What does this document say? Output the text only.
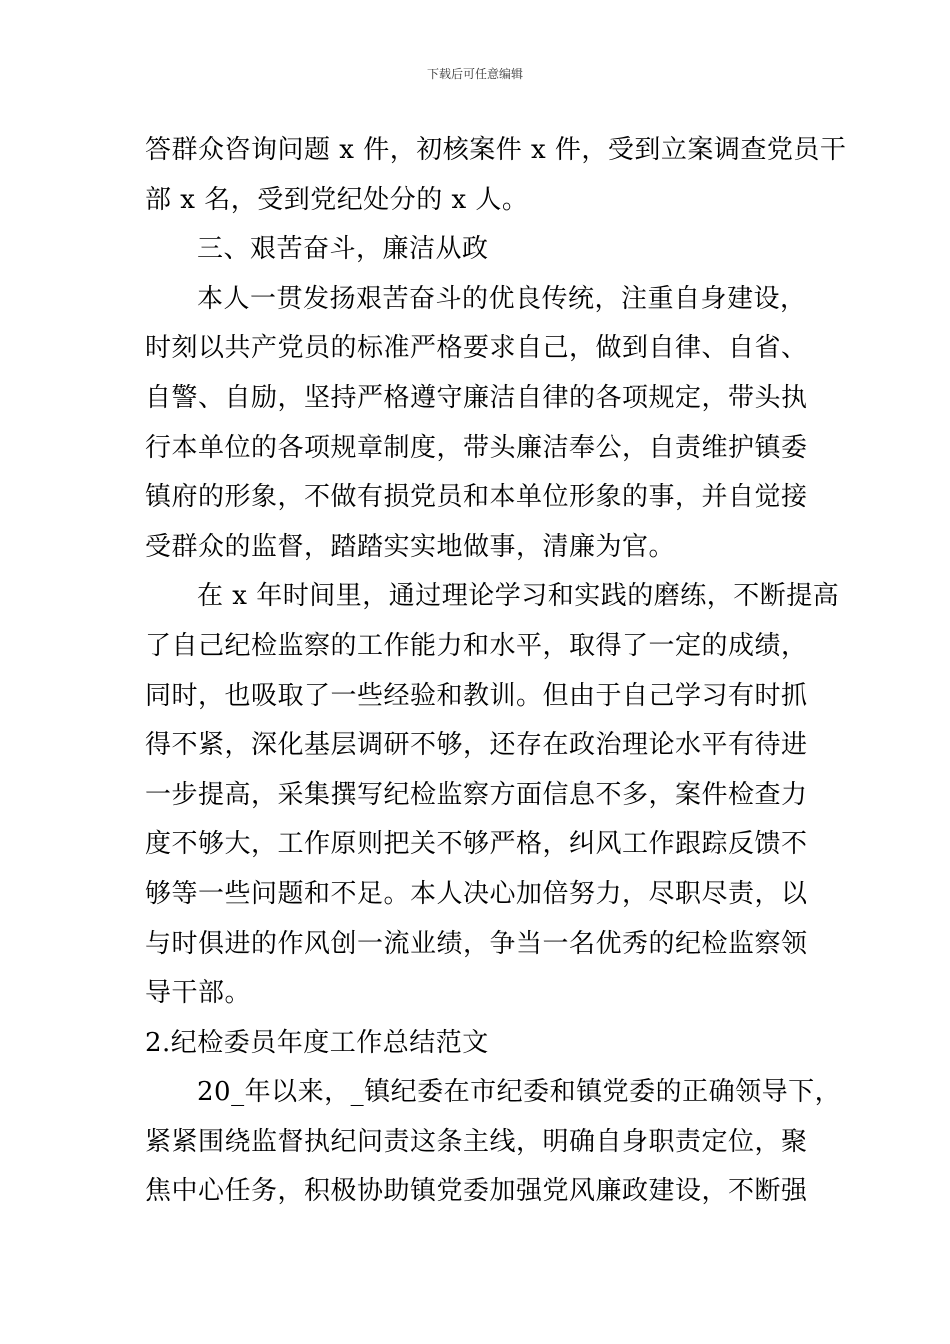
下载后可任意编辑
答群众咨询问题 x 件，初核案件 x 件，受到立案调查党员干
部 x 名，受到党纪处分的 x 人。
三、艰苦奋斗，廉洁从政
本人一贯发扬艰苦奋斗的优良传统，注重自身建设，
时刻以共产党员的标准严格要求自己，做到自律、自省、
自警、自励，坚持严格遵守廉洁自律的各项规定，带头执
行本单位的各项规章制度，带头廉洁奉公，自责维护镇委
镇府的形象，不做有损党员和本单位形象的事，并自觉接
受群众的监督，踏踏实实地做事，清廉为官。
在 x 年时间里，通过理论学习和实践的磨练，不断提高
了自己纪检监察的工作能力和水平，取得了一定的成绩，
同时，也吸取了一些经验和教训。但由于自己学习有时抓
得不紧，深化基层调研不够，还存在政治理论水平有待进
一步提高，采集撰写纪检监察方面信息不多，案件检查力
度不够大，工作原则把关不够严格，纠风工作跟踪反馈不
够等一些问题和不足。本人决心加倍努力，尽职尽责，以
与时俱进的作风创一流业绩，争当一名优秀的纪检监察领
导干部。
2.纪检委员年度工作总结范文
20_年以来，_镇纪委在市纪委和镇党委的正确领导下，
紧紧围绕监督执纪问责这条主线，明确自身职责定位，聚
焦中心任务，积极协助镇党委加强党风廉政建设，不断强
